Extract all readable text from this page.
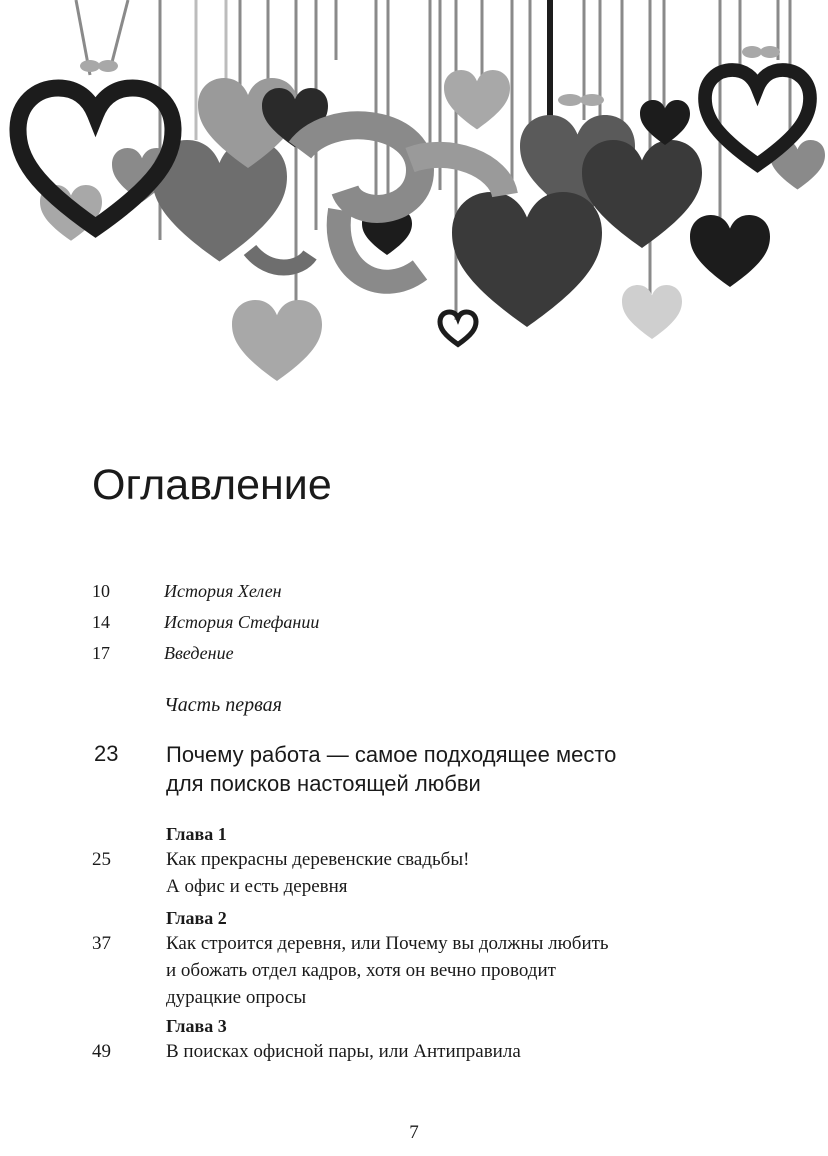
Оглавление
10	История Хелен
14	История Стефании
17	Введение
Часть первая
23 Почему работа — самое подходящее место
для поисков настоящей любви
Глава 1
25	Как прекрасны деревенские свадьбы!
А офис и есть деревня
Глава 2
37	Как строится деревня, или Почему вы должны любить
и обожать отдел кадров, хотя он вечно проводит
дурацкие опросы
Глава 3
49	В поисках офисной пары, или Антиправила
7
